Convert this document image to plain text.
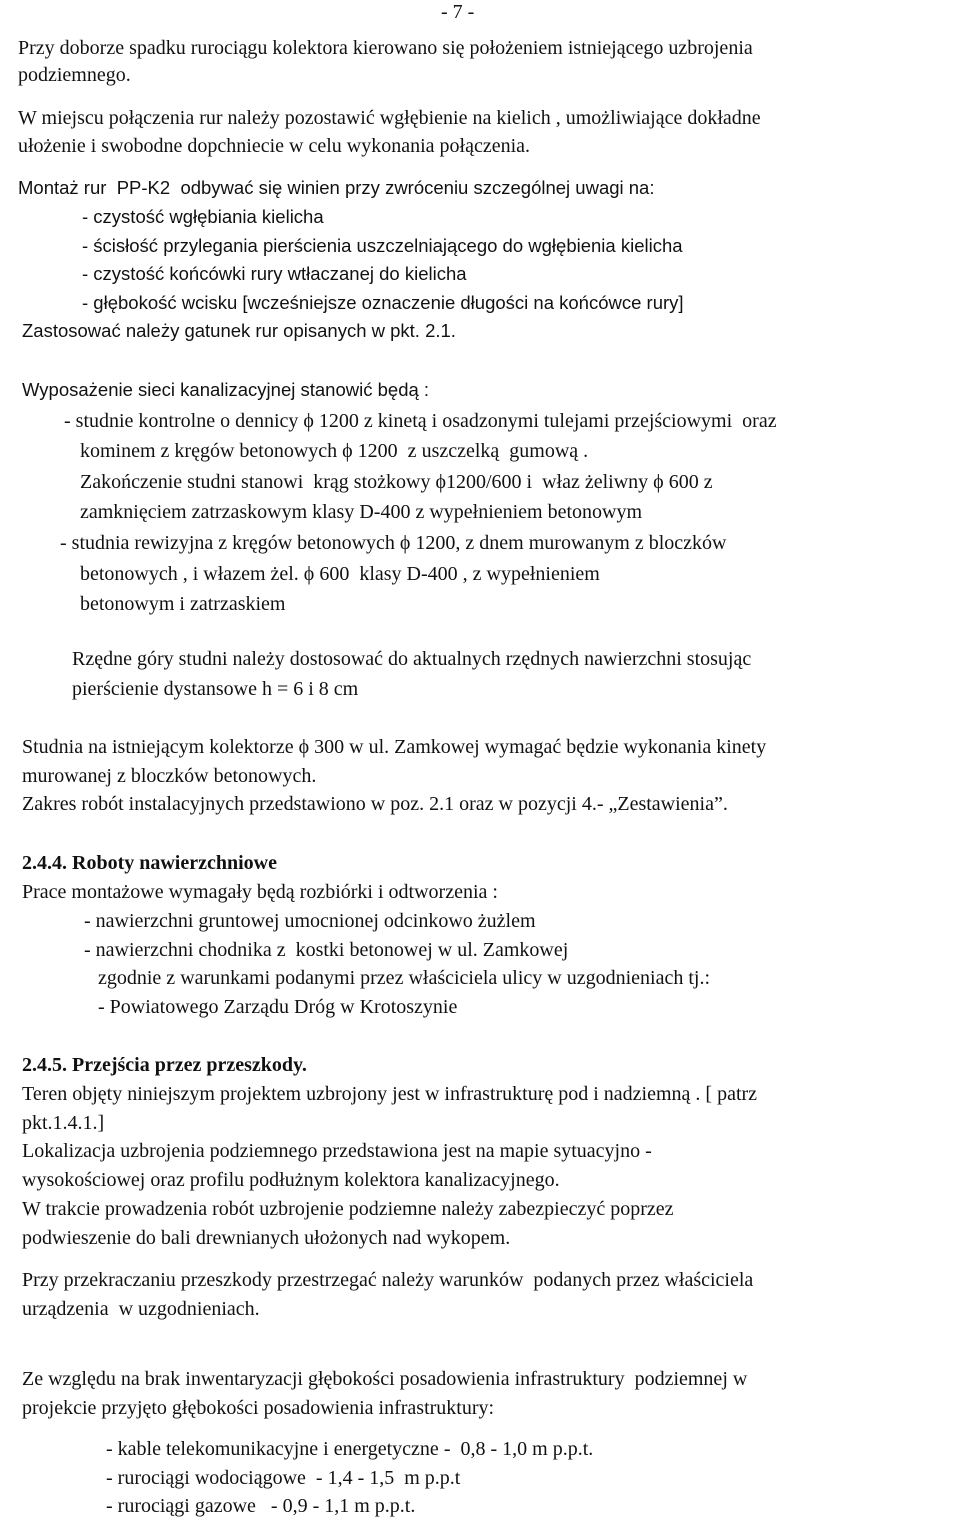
- 7 -

Przy doborze spadku rurociągu kolektora kierowano się położeniem istniejącego uzbrojenia

podziemnego.

W miejscu połączenia rur należy pozostawić wgłębienie na kielich , umożliwiające dokładne

ułożenie i swobodne dopchniecie w celu wykonania połączenia.

Montaż rur  PP-K2  odbywać się winien przy zwróceniu szczególnej uwagi na:

- czystość wgłębiania kielicha

- ścisłość przylegania pierścienia uszczelniającego do wgłębienia kielicha

- czystość końcówki rury wtłaczanej do kielicha

- głębokość wcisku [wcześniejsze oznaczenie długości na końcówce rury]

Zastosować należy gatunek rur opisanych w pkt. 2.1.

Wyposażenie sieci kanalizacyjnej stanowić będą :

- studnie kontrolne o dennicy ϕ 1200 z kinetą i osadzonymi tulejami przejściowymi  oraz

kominem z kręgów betonowych ϕ 1200  z uszczelką  gumową .

Zakończenie studni stanowi  krąg stożkowy ϕ1200/600 i  właz żeliwny ϕ 600 z

zamknięciem zatrzaskowym klasy D-400 z wypełnieniem betonowym

- studnia rewizyjna z kręgów betonowych ϕ 1200, z dnem murowanym z bloczków

betonowych , i włazem żel. ϕ 600  klasy D-400 , z wypełnieniem

betonowym i zatrzaskiem

Rzędne góry studni należy dostosować do aktualnych rzędnych nawierzchni stosując

pierścienie dystansowe h = 6 i 8 cm

Studnia na istniejącym kolektorze ϕ 300 w ul. Zamkowej wymagać będzie wykonania kinety

murowanej z bloczków betonowych.

Zakres robót instalacyjnych przedstawiono w poz. 2.1 oraz w pozycji 4.- „Zestawienia”.

2.4.4. Roboty nawierzchniowe

Prace montażowe wymagały będą rozbiórki i odtworzenia :

- nawierzchni gruntowej umocnionej odcinkowo żużlem

- nawierzchni chodnika z  kostki betonowej w ul. Zamkowej

zgodnie z warunkami podanymi przez właściciela ulicy w uzgodnieniach tj.:

- Powiatowego Zarządu Dróg w Krotoszynie

2.4.5. Przejścia przez przeszkody.

Teren objęty niniejszym projektem uzbrojony jest w infrastrukturę pod i nadziemną . [ patrz

pkt.1.4.1.]

Lokalizacja uzbrojenia podziemnego przedstawiona jest na mapie sytuacyjno -

wysokościowej oraz profilu podłużnym kolektora kanalizacyjnego.

W trakcie prowadzenia robót uzbrojenie podziemne należy zabezpieczyć poprzez

podwieszenie do bali drewnianych ułożonych nad wykopem.

Przy przekraczaniu przeszkody przestrzegać należy warunków  podanych przez właściciela

urządzenia  w uzgodnieniach.

Ze względu na brak inwentaryzacji głębokości posadowienia infrastruktury  podziemnej w

projekcie przyjęto głębokości posadowienia infrastruktury:

- kable telekomunikacyjne i energetyczne -  0,8 - 1,0 m p.p.t.

- rurociągi wodociągowe  - 1,4 - 1,5  m p.p.t

- rurociągi gazowe   - 0,9 - 1,1 m p.p.t.
